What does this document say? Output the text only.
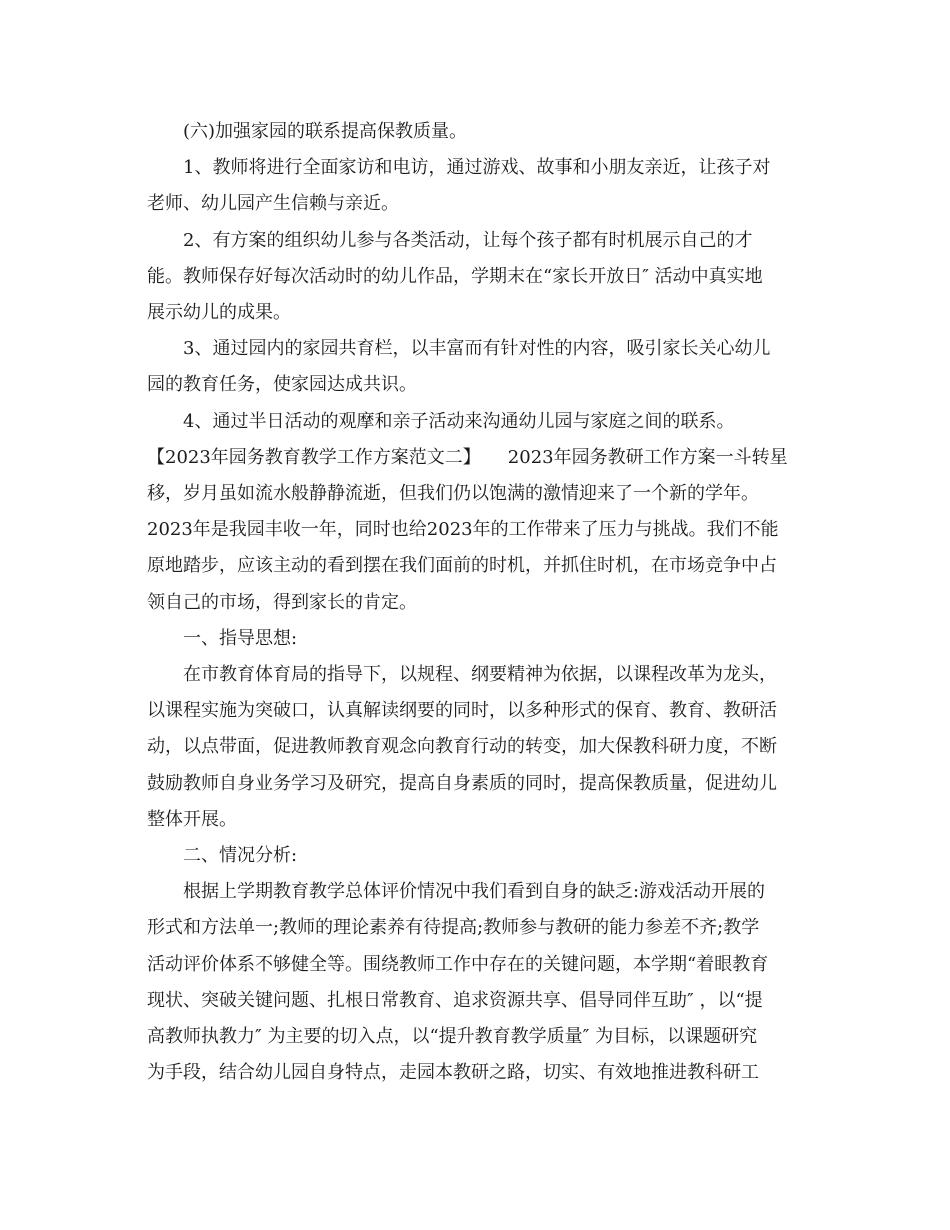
(六)加强家园的联系提高保教质量。
1、教师将进行全面家访和电访，通过游戏、故事和小朋友亲近，让孩子对
老师、幼儿园产生信赖与亲近。
2、有方案的组织幼儿参与各类活动，让每个孩子都有时机展示自己的才
能。教师保存好每次活动时的幼儿作品，学期末在“家长开放日″ 活动中真实地
展示幼儿的成果。
3、通过园内的家园共育栏，以丰富而有针对性的内容，吸引家长关心幼儿
园的教育任务，使家园达成共识。
4、通过半日活动的观摩和亲子活动来沟通幼儿园与家庭之间的联系。
【2023年园务教育教学工作方案范文二】　　2023年园务教研工作方案一斗转星
移，岁月虽如流水般静静流逝，但我们仍以饱满的激情迎来了一个新的学年。
2023年是我园丰收一年，同时也给2023年的工作带来了压力与挑战。我们不能
原地踏步，应该主动的看到摆在我们面前的时机，并抓住时机，在市场竞争中占
领自己的市场，得到家长的肯定。
一、指导思想:
在市教育体育局的指导下，以规程、纲要精神为依据，以课程改革为龙头，
以课程实施为突破口，认真解读纲要的同时，以多种形式的保育、教育、教研活
动，以点带面，促进教师教育观念向教育行动的转变，加大保教科研力度，不断
鼓励教师自身业务学习及研究，提高自身素质的同时，提高保教质量，促进幼儿
整体开展。
二、情况分析:
根据上学期教育教学总体评价情况中我们看到自身的缺乏:游戏活动开展的
形式和方法单一;教师的理论素养有待提高;教师参与教研的能力参差不齐;教学
活动评价体系不够健全等。围绕教师工作中存在的关键问题，本学期“着眼教育
现状、突破关键问题、扎根日常教育、追求资源共享、倡导同伴互助″ ，以“提
高教师执教力″ 为主要的切入点，以“提升教育教学质量″ 为目标，以课题研究
为手段，结合幼儿园自身特点，走园本教研之路，切实、有效地推进教科研工
